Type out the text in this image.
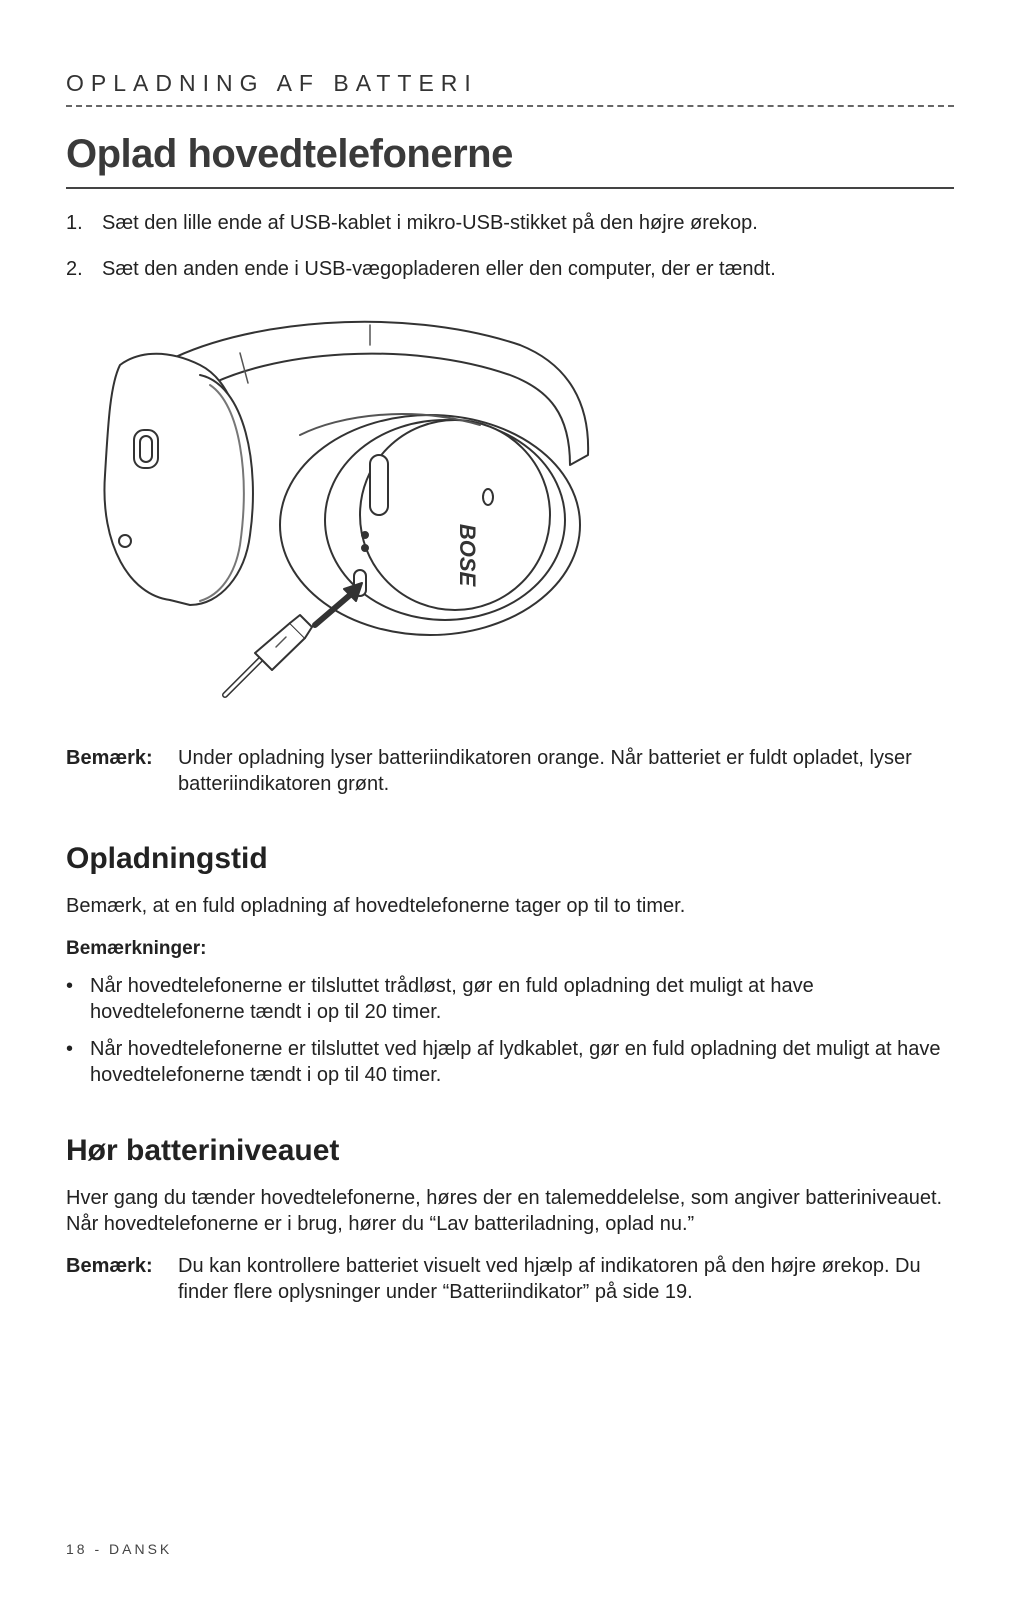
OPLADNING AF BATTERI
Oplad hovedtelefonerne
1. Sæt den lille ende af USB-kablet i mikro-USB-stikket på den højre ørekop.
2. Sæt den anden ende i USB-vægopladeren eller den computer, der er tændt.
BOSE
Bemærk:	Under opladning lyser batteriindikatoren orange. Når batteriet er fuldt opladet, lyser batteriindikatoren grønt.
Opladningstid
Bemærk, at en fuld opladning af hovedtelefonerne tager op til to timer.
Bemærkninger:
• Når hovedtelefonerne er tilsluttet trådløst, gør en fuld opladning det muligt at have hovedtelefonerne tændt i op til 20 timer.
• Når hovedtelefonerne er tilsluttet ved hjælp af lydkablet, gør en fuld opladning det muligt at have hovedtelefonerne tændt i op til 40 timer.
Hør batteriniveauet
Hver gang du tænder hovedtelefonerne, høres der en talemeddelelse, som angiver batteriniveauet. Når hovedtelefonerne er i brug, hører du “Lav batteriladning, oplad nu.”
Bemærk:	Du kan kontrollere batteriet visuelt ved hjælp af indikatoren på den højre ørekop. Du finder flere oplysninger under “Batteriindikator” på side 19.
18 - DANSK
